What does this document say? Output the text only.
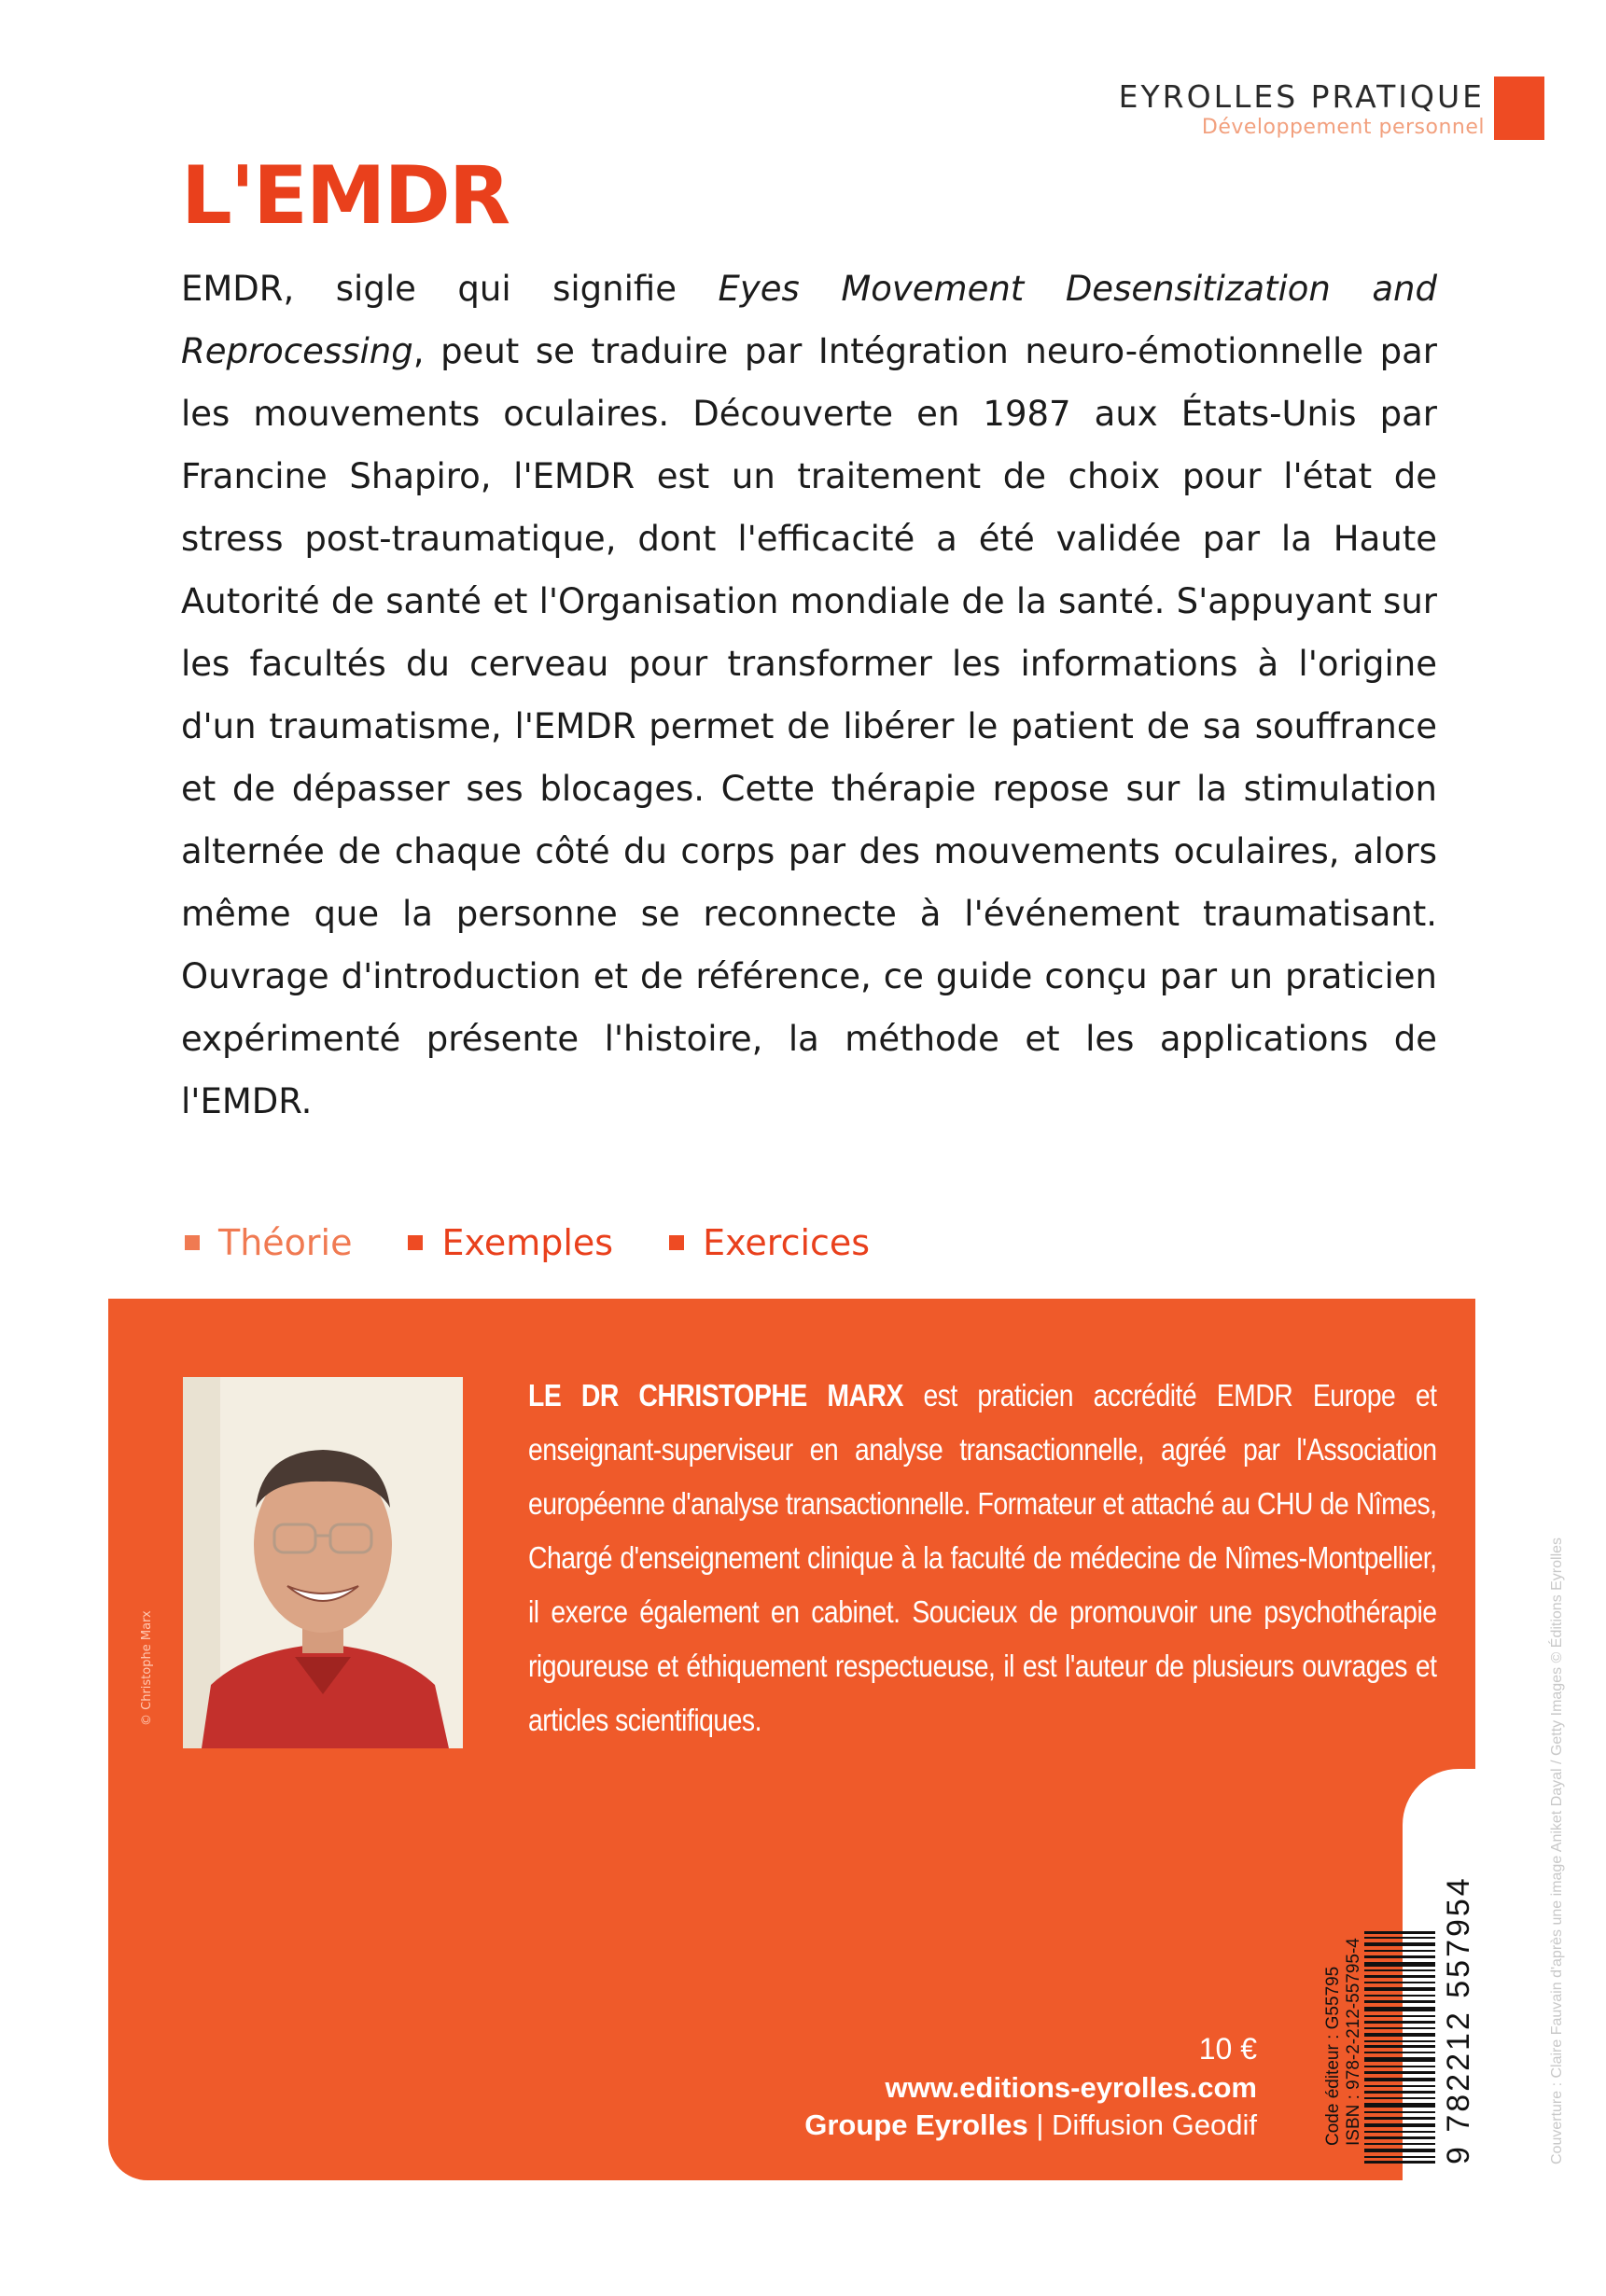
EYROLLES PRATIQUE
Développement personnel
L'EMDR

EMDR, sigle qui signifie Eyes Movement Desensitization and Reprocessing, peut se traduire par Intégration neuro-émotionnelle par les mouvements oculaires. Découverte en 1987 aux États-Unis par Francine Shapiro, l'EMDR est un traitement de choix pour l'état de stress post-traumatique, dont l'efficacité a été validée par la Haute Autorité de santé et l'Organisation mondiale de la santé. S'appuyant sur les facultés du cerveau pour transformer les informations à l'origine d'un traumatisme, l'EMDR permet de libérer le patient de sa souffrance et de dépasser ses blocages. Cette thérapie repose sur la stimulation alternée de chaque côté du corps par des mouvements oculaires, alors même que la personne se reconnecte à l'événement traumatisant. Ouvrage d'introduction et de référence, ce guide conçu par un praticien expérimenté présente l'histoire, la méthode et les applications de l'EMDR.

Théorie	Exemples	Exercices
© Christophe Marx

LE DR CHRISTOPHE MARX est praticien accrédité EMDR Europe et enseignant-superviseur en analyse transactionnelle, agréé par l'Association européenne d'analyse transactionnelle. Formateur et attaché au CHU de Nîmes, Chargé d'enseignement clinique à la faculté de médecine de Nîmes-Montpellier, il exerce également en cabinet. Soucieux de promouvoir une psychothérapie rigoureuse et éthiquement respectueuse, il est l'auteur de plusieurs ouvrages et articles scientifiques.

10 €
www.editions-eyrolles.com
Groupe Eyrolles | Diffusion Geodif	Code éditeur : G55795 ISBN : 978-2-212-55795-4 9 782212 557954	Couverture : Claire Fauvain d'après une image Aniket Dayal / Getty Images © Éditions Eyrolles
